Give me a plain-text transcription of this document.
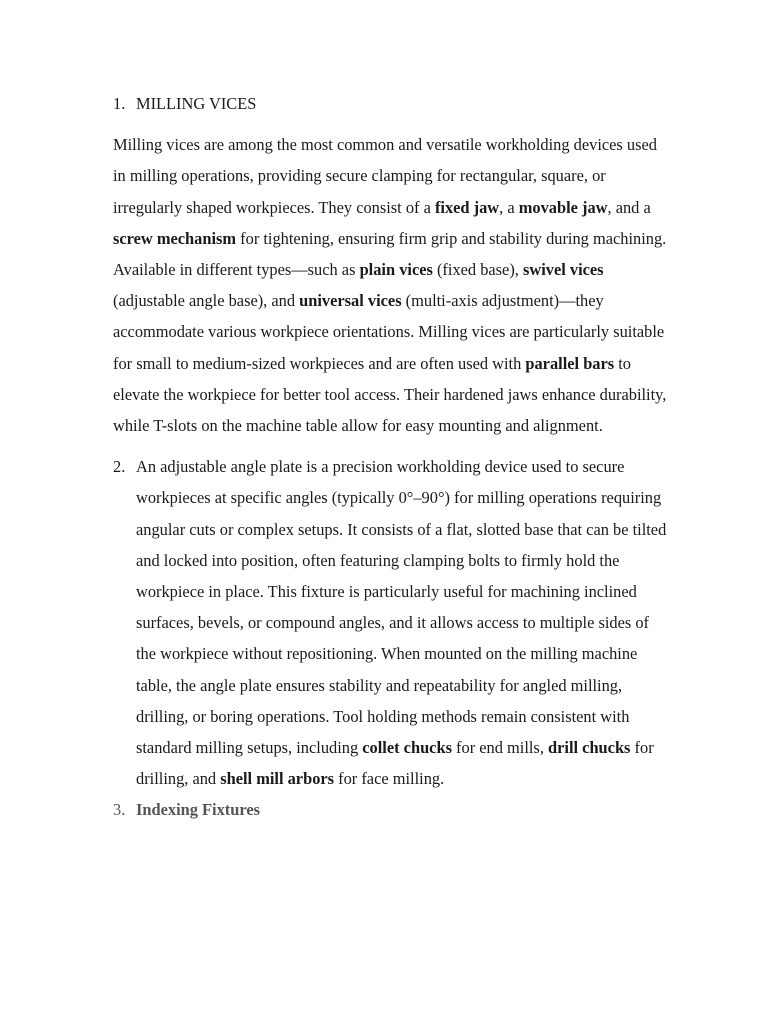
1. MILLING VICES

Milling vices are among the most common and versatile workholding devices used in milling operations, providing secure clamping for rectangular, square, or irregularly shaped workpieces. They consist of a fixed jaw, a movable jaw, and a screw mechanism for tightening, ensuring firm grip and stability during machining. Available in different types—such as plain vices (fixed base), swivel vices (adjustable angle base), and universal vices (multi-axis adjustment)—they accommodate various workpiece orientations. Milling vices are particularly suitable for small to medium-sized workpieces and are often used with parallel bars to elevate the workpiece for better tool access. Their hardened jaws enhance durability, while T-slots on the machine table allow for easy mounting and alignment.

2. An adjustable angle plate is a precision workholding device used to secure workpieces at specific angles (typically 0°–90°) for milling operations requiring angular cuts or complex setups. It consists of a flat, slotted base that can be tilted and locked into position, often featuring clamping bolts to firmly hold the workpiece in place. This fixture is particularly useful for machining inclined surfaces, bevels, or compound angles, and it allows access to multiple sides of the workpiece without repositioning. When mounted on the milling machine table, the angle plate ensures stability and repeatability for angled milling, drilling, or boring operations. Tool holding methods remain consistent with standard milling setups, including collet chucks for end mills, drill chucks for drilling, and shell mill arbors for face milling.

3. Indexing Fixtures
